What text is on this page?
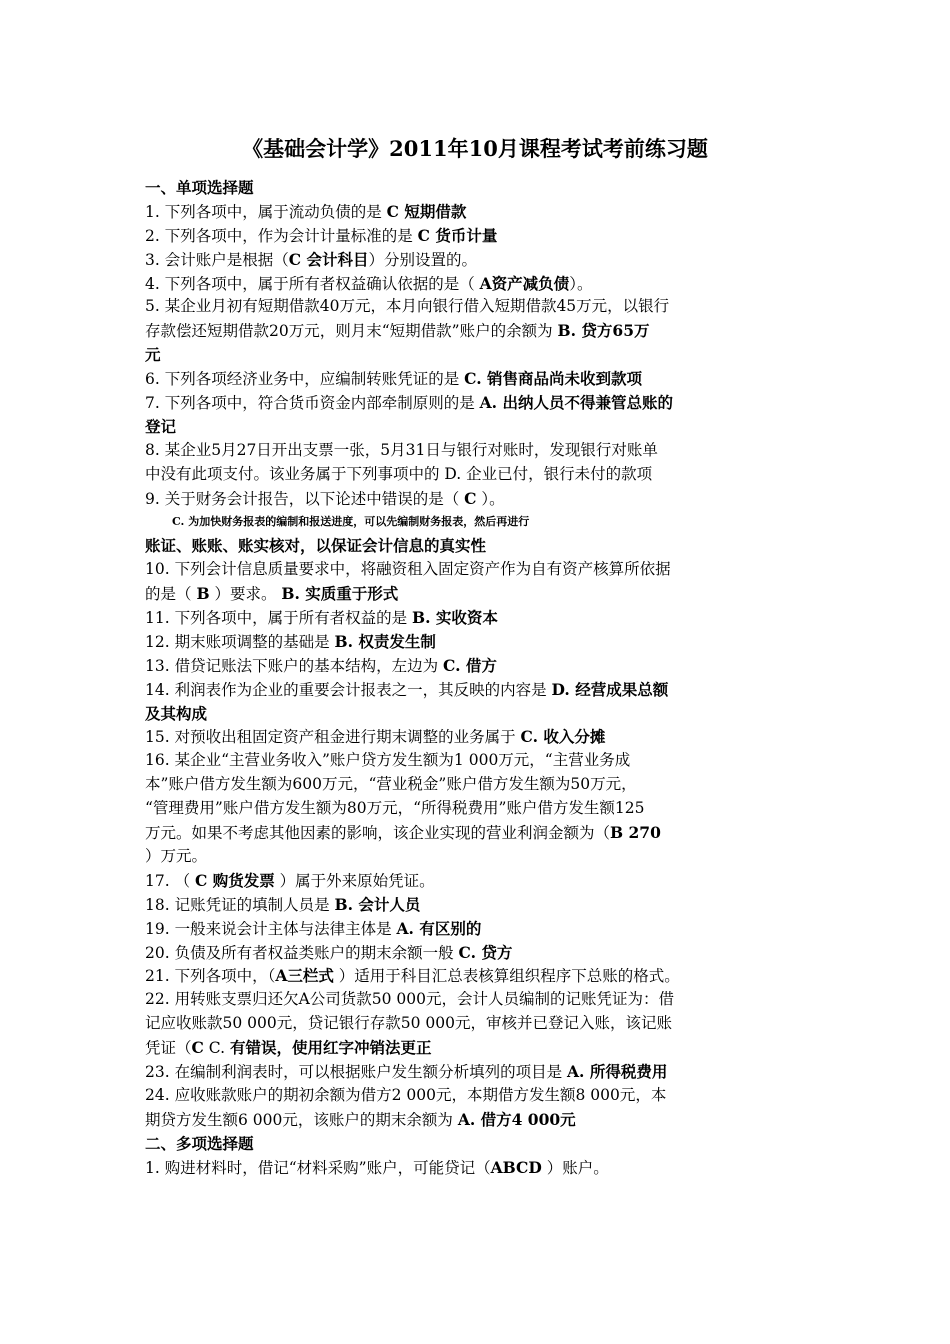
《基础会计学》2011年10月课程考试考前练习题
一、单项选择题
1. 下列各项中，属于流动负债的是 C 短期借款
2. 下列各项中，作为会计计量标准的是 C 货币计量
3. 会计账户是根据（C 会计科目）分别设置的。
4. 下列各项中，属于所有者权益确认依据的是（ A资产减负债）。
5. 某企业月初有短期借款40万元，本月向银行借入短期借款45万元，以银行
存款偿还短期借款20万元，则月末“短期借款”账户的余额为 B. 贷方65万
元
6. 下列各项经济业务中，应编制转账凭证的是 C. 销售商品尚未收到款项
7. 下列各项中，符合货币资金内部牵制原则的是 A. 出纳人员不得兼管总账的
登记
8. 某企业5月27日开出支票一张，5月31日与银行对账时，发现银行对账单
中没有此项支付。该业务属于下列事项中的 D. 企业已付，银行未付的款项
9. 关于财务会计报告，以下论述中错误的是（ C ）。
C. 为加快财务报表的编制和报送进度，可以先编制财务报表，然后再进行
账证、账账、账实核对，以保证会计信息的真实性
10. 下列会计信息质量要求中，将融资租入固定资产作为自有资产核算所依据
的是（ B ）要求。 B. 实质重于形式
11. 下列各项中，属于所有者权益的是 B. 实收资本
12. 期末账项调整的基础是 B. 权责发生制
13. 借贷记账法下账户的基本结构，左边为 C. 借方
14. 利润表作为企业的重要会计报表之一，其反映的内容是 D. 经营成果总额
及其构成
15. 对预收出租固定资产租金进行期末调整的业务属于 C. 收入分摊
16. 某企业“主营业务收入”账户贷方发生额为1 000万元，“主营业务成
本”账户借方发生额为600万元，“营业税金”账户借方发生额为50万元，
“管理费用”账户借方发生额为80万元，“所得税费用”账户借方发生额125
万元。如果不考虑其他因素的影响，该企业实现的营业利润金额为（B 270
）万元。
17. （ C 购货发票 ）属于外来原始凭证。
18. 记账凭证的填制人员是 B. 会计人员
19. 一般来说会计主体与法律主体是 A. 有区别的
20. 负债及所有者权益类账户的期末余额一般 C. 贷方
21. 下列各项中，（A三栏式 ）适用于科目汇总表核算组织程序下总账的格式。
22. 用转账支票归还欠A公司货款50 000元，会计人员编制的记账凭证为：借
记应收账款50 000元，贷记银行存款50 000元，审核并已登记入账，该记账
凭证（C C. 有错误，使用红字冲销法更正
23. 在编制利润表时，可以根据账户发生额分析填列的项目是 A. 所得税费用
24. 应收账款账户的期初余额为借方2 000元，本期借方发生额8 000元，本
期贷方发生额6 000元，该账户的期末余额为 A. 借方4 000元
二、多项选择题
1. 购进材料时，借记“材料采购”账户，可能贷记（ABCD ）账户。
